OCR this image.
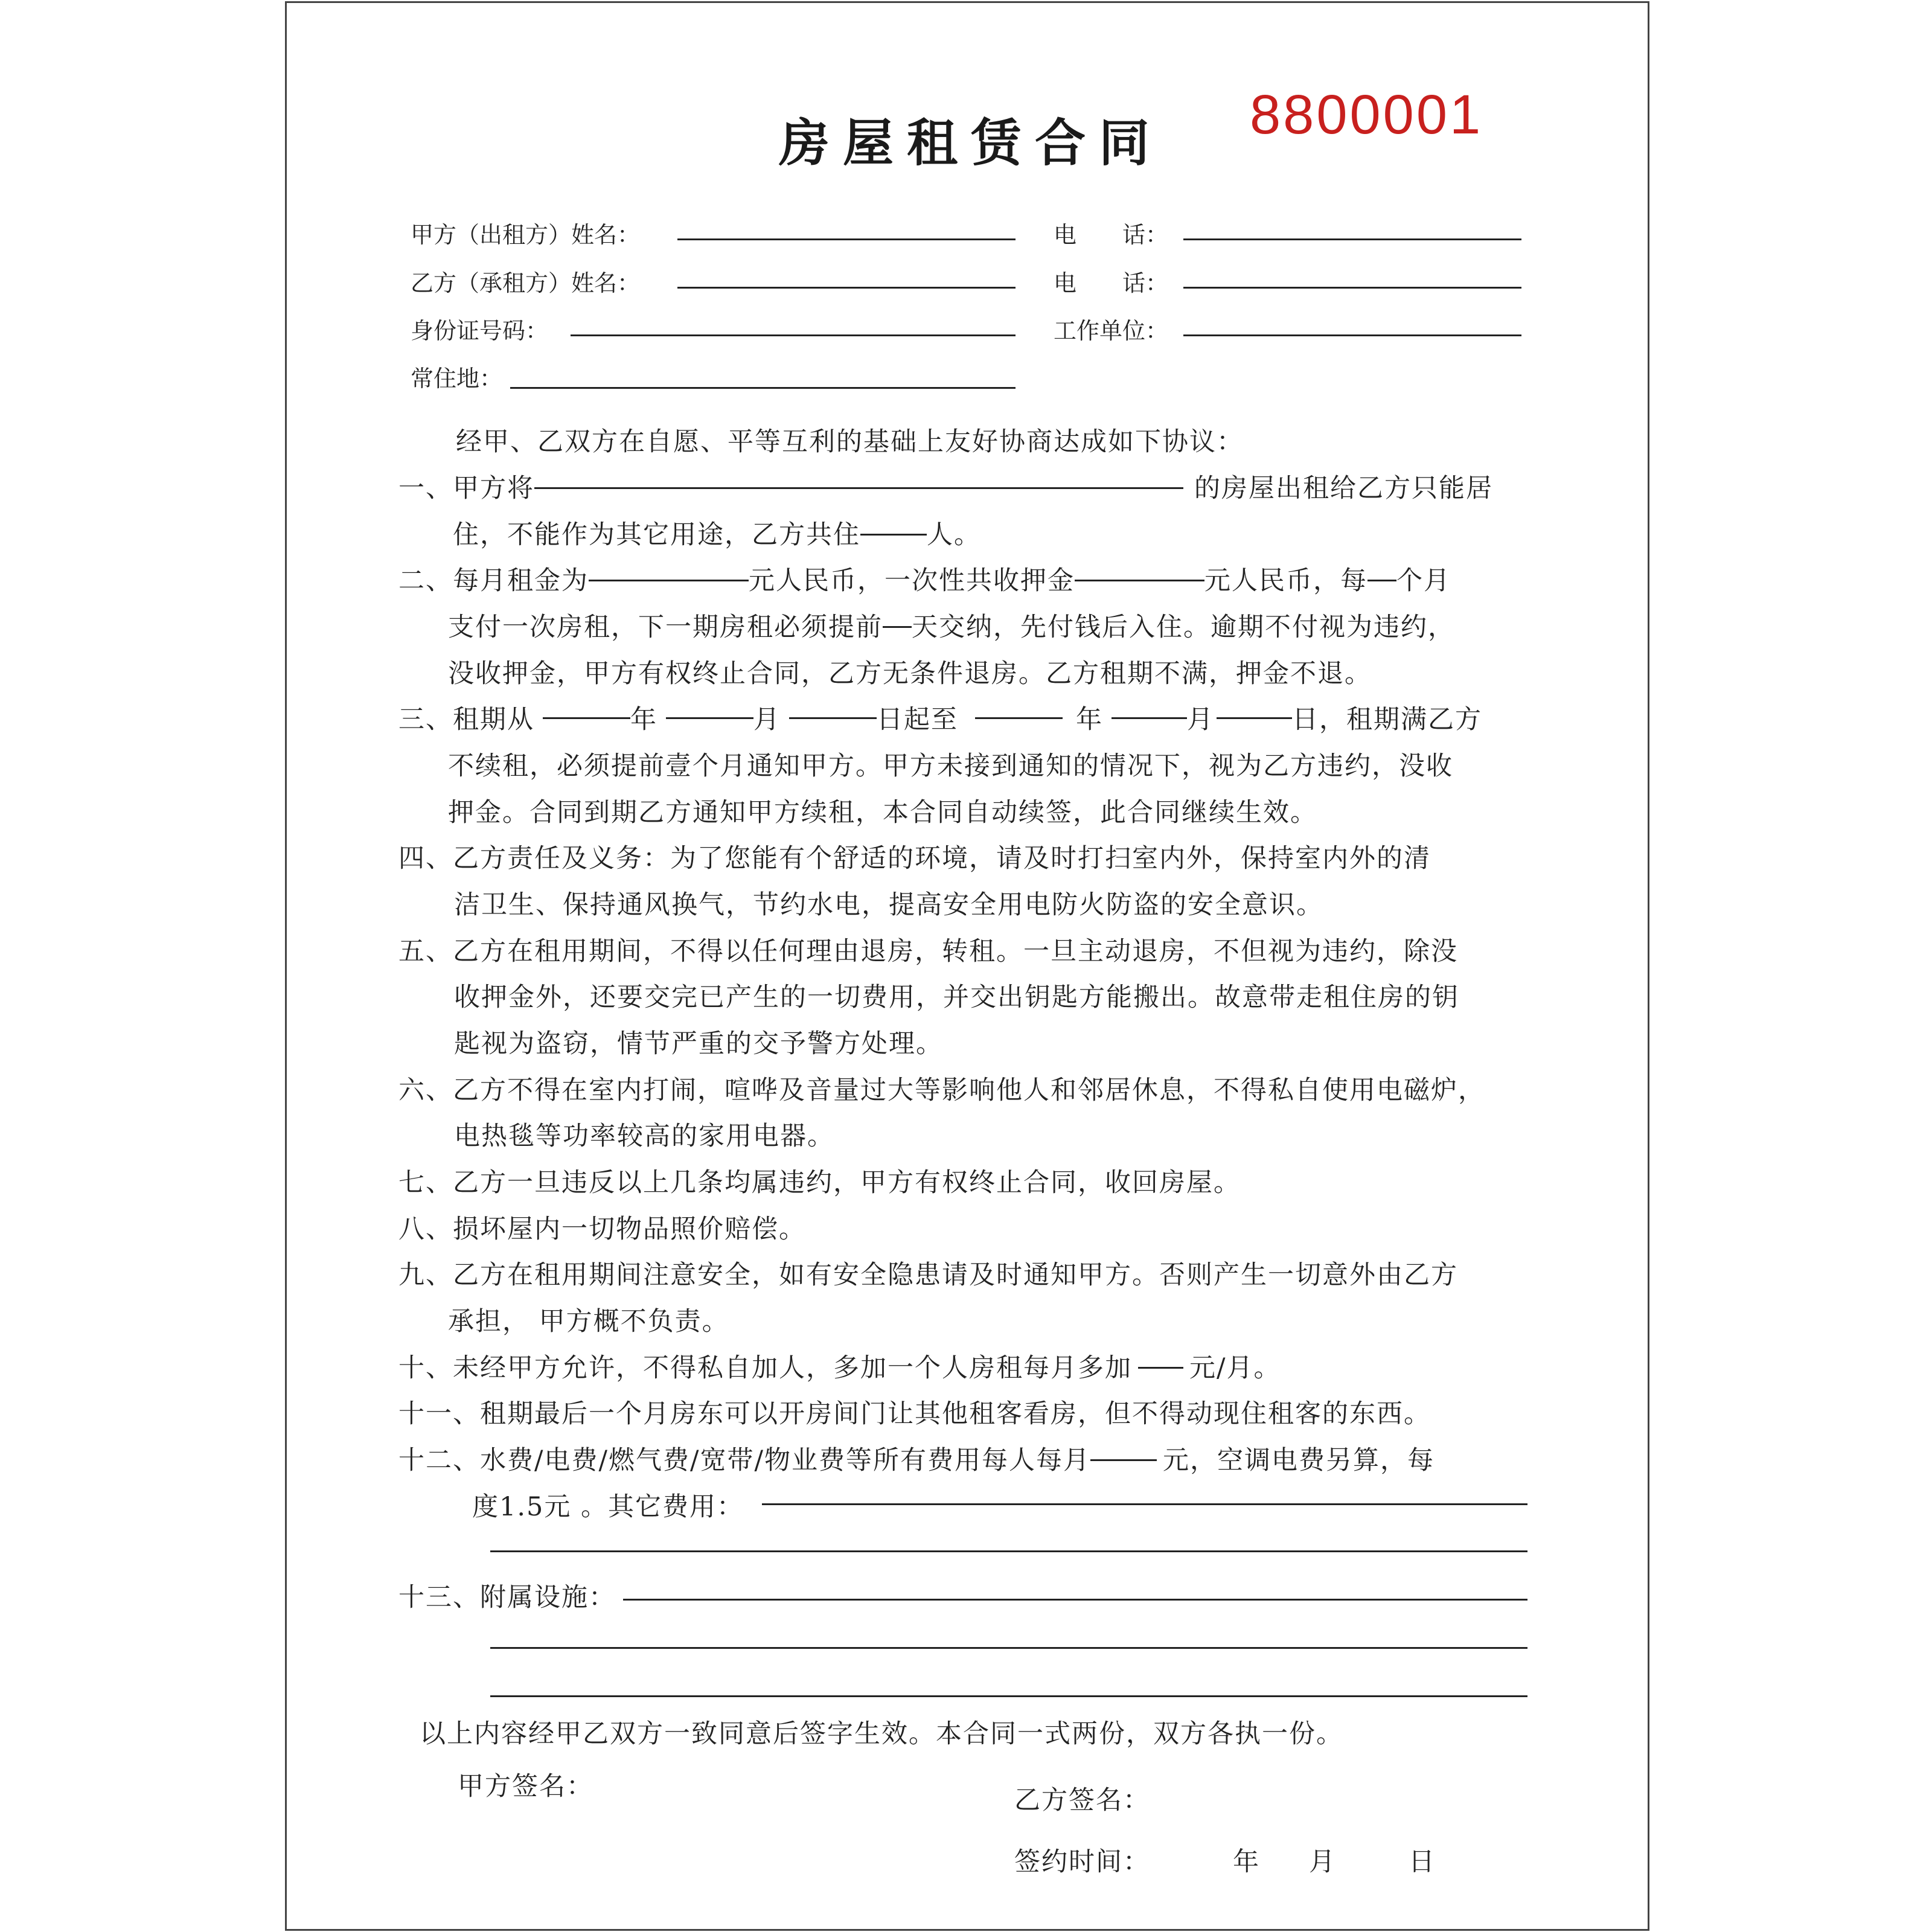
房屋租赁合同 8800001
甲方（出租方）姓名：	电　　话：
乙方（承租方）姓名：	电　　话：
身份证号码：	工作单位：
常住地：
经甲、乙双方在自愿、平等互利的基础上友好协商达成如下协议：
一、甲方将	的房屋出租给乙方只能居
住，不能作为其它用途，乙方共住	人。
二、每月租金为	元人民币，一次性共收押金	元人民币，每 个月
支付一次房租，下一期房租必须提前 天交纳，先付钱后入住。逾期不付视为违约，
没收押金，甲方有权终止合同，乙方无条件退房。乙方租期不满，押金不退。
三、租期从	年	月	日起至	年	月	日，租期满乙方
不续租，必须提前壹个月通知甲方。甲方未接到通知的情况下，视为乙方违约，没收
押金。合同到期乙方通知甲方续租，本合同自动续签，此合同继续生效。
四、乙方责任及义务：为了您能有个舒适的环境，请及时打扫室内外，保持室内外的清
洁卫生、保持通风换气，节约水电，提高安全用电防火防盗的安全意识。
五、乙方在租用期间，不得以任何理由退房，转租。一旦主动退房，不但视为违约，除没
收押金外，还要交完已产生的一切费用，并交出钥匙方能搬出。故意带走租住房的钥
匙视为盗窃，情节严重的交予警方处理。
六、乙方不得在室内打闹，喧哗及音量过大等影响他人和邻居休息，不得私自使用电磁炉，
电热毯等功率较高的家用电器。
七、乙方一旦违反以上几条均属违约，甲方有权终止合同，收回房屋。
八、损坏屋内一切物品照价赔偿。
九、乙方在租用期间注意安全，如有安全隐患请及时通知甲方。否则产生一切意外由乙方
承担， 甲方概不负责。
十、未经甲方允许，不得私自加人，多加一个人房租每月多加 元/月。
十一、租期最后一个月房东可以开房间门让其他租客看房，但不得动现住租客的东西。
十二、水费/电费/燃气费/宽带/物业费等所有费用每人每月	元，空调电费另算，每
度1.5元 。其它费用：
十三、附属设施：
以上内容经甲乙双方一致同意后签字生效。本合同一式两份，双方各执一份。
甲方签名：	乙方签名：
签约时间：	年 月	日
